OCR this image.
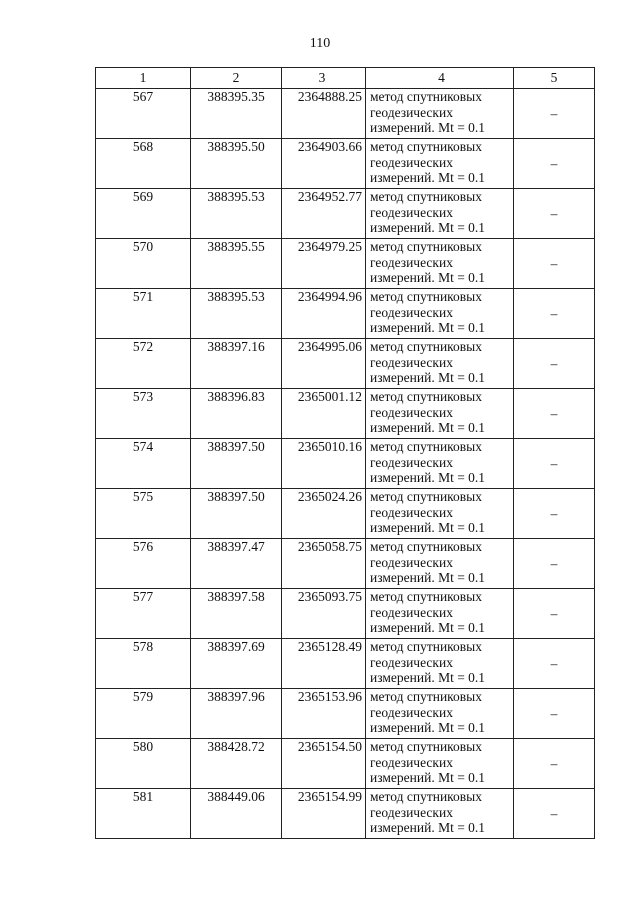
110
1	2	3	4	5
567	388395.35	2364888.25	метод спутниковых
геодезических
измерений. Mt = 0.1	–
568	388395.50	2364903.66	метод спутниковых
геодезических
измерений. Mt = 0.1	–
569	388395.53	2364952.77	метод спутниковых
геодезических
измерений. Mt = 0.1	–
570	388395.55	2364979.25	метод спутниковых
геодезических
измерений. Mt = 0.1	–
571	388395.53	2364994.96	метод спутниковых
геодезических
измерений. Mt = 0.1	–
572	388397.16	2364995.06	метод спутниковых
геодезических
измерений. Mt = 0.1	–
573	388396.83	2365001.12	метод спутниковых
геодезических
измерений. Mt = 0.1	–
574	388397.50	2365010.16	метод спутниковых
геодезических
измерений. Mt = 0.1	–
575	388397.50	2365024.26	метод спутниковых
геодезических
измерений. Mt = 0.1	–
576	388397.47	2365058.75	метод спутниковых
геодезических
измерений. Mt = 0.1	–
577	388397.58	2365093.75	метод спутниковых
геодезических
измерений. Mt = 0.1	–
578	388397.69	2365128.49	метод спутниковых
геодезических
измерений. Mt = 0.1	–
579	388397.96	2365153.96	метод спутниковых
геодезических
измерений. Mt = 0.1	–
580	388428.72	2365154.50	метод спутниковых
геодезических
измерений. Mt = 0.1	–
581	388449.06	2365154.99	метод спутниковых
геодезических
измерений. Mt = 0.1	–
